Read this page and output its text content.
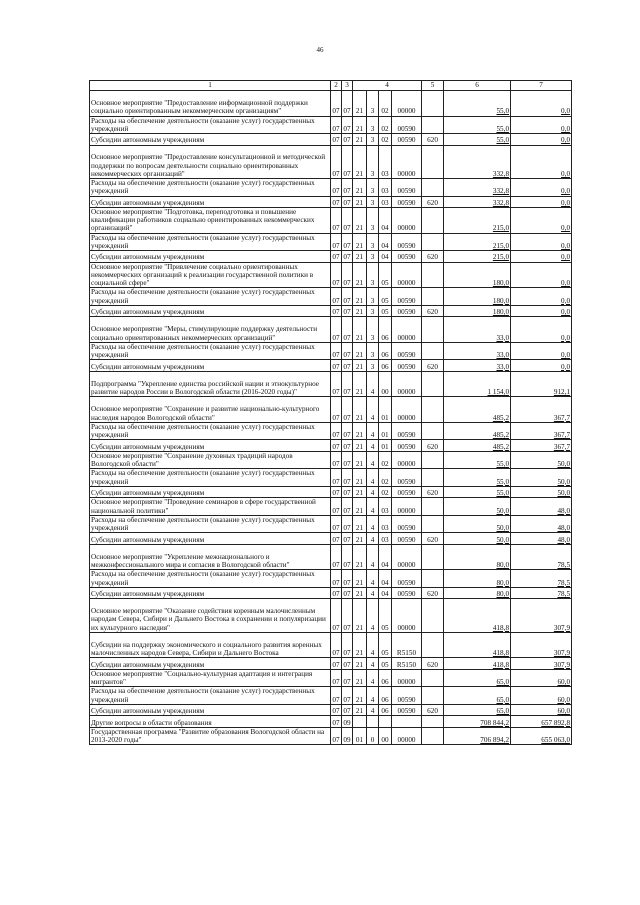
46
1	2	3	4				5	6	7
Основное мероприятие "Предоставление информационной поддержки социально ориентированным некоммерческим организациям"	07	07	21	3	02	00000		55,0	0,0
Расходы на обеспечение деятельности (оказание услуг) государственных учреждений	07	07	21	3	02	00590		55,0	0,0
Субсидии автономным учреждениям	07	07	21	3	02	00590	620	55,0	0,0
Основное мероприятие "Предоставление консультационной и методической поддержки по вопросам деятельности социально ориентированных некоммерческих организаций"	07	07	21	3	03	00000		332,8	0,0
Расходы на обеспечение деятельности (оказание услуг) государственных учреждений	07	07	21	3	03	00590		332,8	0,0
Субсидии автономным учреждениям	07	07	21	3	03	00590	620	332,8	0,0
Основное мероприятие "Подготовка, переподготовка и повышение квалификации работников социально ориентированных некоммерческих организаций"	07	07	21	3	04	00000		215,0	0,0
Расходы на обеспечение деятельности (оказание услуг) государственных учреждений	07	07	21	3	04	00590		215,0	0,0
Субсидии автономным учреждениям	07	07	21	3	04	00590	620	215,0	0,0
Основное мероприятие "Привлечение социально ориентированных некоммерческих организаций к реализации государственной политики в социальной сфере"	07	07	21	3	05	00000		180,0	0,0
Расходы на обеспечение деятельности (оказание услуг) государственных учреждений	07	07	21	3	05	00590		180,0	0,0
Субсидии автономным учреждениям	07	07	21	3	05	00590	620	180,0	0,0
Основное мероприятие "Меры, стимулирующие поддержку деятельности социально ориентированных некоммерческих организаций"	07	07	21	3	06	00000		33,0	0,0
Расходы на обеспечение деятельности (оказание услуг) государственных учреждений	07	07	21	3	06	00590		33,0	0,0
Субсидии автономным учреждениям	07	07	21	3	06	00590	620	33,0	0,0
Подпрограмма "Укрепление единства российской нации и этнокультурное развитие народов России в Вологодской области (2016-2020 годы)"	07	07	21	4	00	00000		1 154,0	912,1
Основное мероприятие "Сохранение и развитие национально-культурного наследия народов Вологодской области"	07	07	21	4	01	00000		485,2	367,7
Расходы на обеспечение деятельности (оказание услуг) государственных учреждений	07	07	21	4	01	00590		485,2	367,7
Субсидии автономным учреждениям	07	07	21	4	01	00590	620	485,2	367,7
Основное мероприятие "Сохранение духовных традиций народов Вологодской области"	07	07	21	4	02	00000		55,0	50,0
Расходы на обеспечение деятельности (оказание услуг) государственных учреждений	07	07	21	4	02	00590		55,0	50,0
Субсидии автономным учреждениям	07	07	21	4	02	00590	620	55,0	50,0
Основное мероприятие "Проведение семинаров в сфере государственной национальной политики"	07	07	21	4	03	00000		50,0	48,0
Расходы на обеспечение деятельности (оказание услуг) государственных учреждений	07	07	21	4	03	00590		50,0	48,0
Субсидии автономным учреждениям	07	07	21	4	03	00590	620	50,0	48,0
Основное мероприятие "Укрепление межнационального и межконфессионального мира и согласия в Вологодской области"	07	07	21	4	04	00000		80,0	78,5
Расходы на обеспечение деятельности (оказание услуг) государственных учреждений	07	07	21	4	04	00590		80,0	78,5
Субсидии автономным учреждениям	07	07	21	4	04	00590	620	80,0	78,5
Основное мероприятие "Оказание содействия коренным малочисленным народам Севера, Сибири и Дальнего Востока в сохранении и популяризации их культурного наследия"	07	07	21	4	05	00000		418,8	307,9
Субсидии на поддержку экономического и социального развития коренных малочисленных народов Севера, Сибири и Дальнего Востока	07	07	21	4	05	R5150		418,8	307,9
Субсидии автономным учреждениям	07	07	21	4	05	R5150	620	418,8	307,9
Основное мероприятие "Социально-культурная адаптация и интеграция мигрантов"	07	07	21	4	06	00000		65,0	60,0
Расходы на обеспечение деятельности (оказание услуг) государственных учреждений	07	07	21	4	06	00590		65,0	60,0
Субсидии автономным учреждениям	07	07	21	4	06	00590	620	65,0	60,0
Другие вопросы в области образования	07	09						708 844,2	657 892,8
Государственная программа "Развитие образования Вологодской области на 2013-2020 годы"	07	09	01	0	00	00000		706 894,2	655 063,0
